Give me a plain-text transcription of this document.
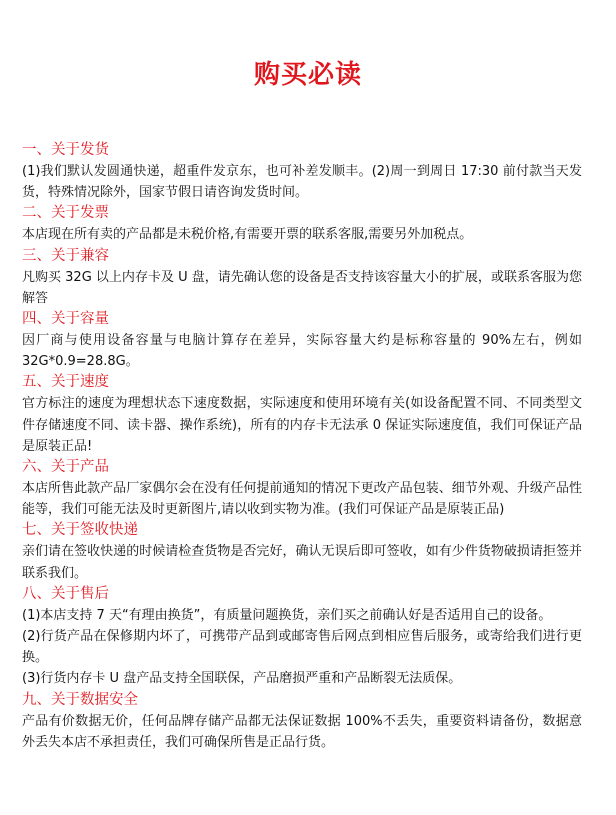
购买必读
一、关于发货
(1)我们默认发圆通快递，超重件发京东，也可补差发顺丰。(2)周一到周日 17:30 前付款当天发货，特殊情况除外，国家节假日请咨询发货时间。
二、关于发票
本店现在所有卖的产品都是未税价格,有需要开票的联系客服,需要另外加税点。
三、关于兼容
凡购买 32G 以上内存卡及 U 盘，请先确认您的设备是否支持该容量大小的扩展，或联系客服为您解答
四、关于容量
因厂商与使用设备容量与电脑计算存在差异，实际容量大约是标称容量的 90%左右，例如 32G*0.9=28.8G。
五、关于速度
官方标注的速度为理想状态下速度数据，实际速度和使用环境有关(如设备配置不同、不同类型文件存储速度不同、读卡器、操作系统)，所有的内存卡无法承 0 保证实际速度值，我们可保证产品是原装正品!
六、关于产品
本店所售此款产品厂家偶尔会在没有任何提前通知的情况下更改产品包装、细节外观、升级产品性能等，我们可能无法及时更新图片,请以收到实物为准。(我们可保证产品是原装正品)
七、关于签收快递
亲们请在签收快递的时候请检查货物是否完好，确认无误后即可签收，如有少件货物破损请拒签并联系我们。
八、关于售后
(1)本店支持 7 天“有理由换货”，有质量问题换货，亲们买之前确认好是否适用自己的设备。
(2)行货产品在保修期内坏了，可携带产品到或邮寄售后网点到相应售后服务，或寄给我们进行更换。
(3)行货内存卡 U 盘产品支持全国联保，产品磨损严重和产品断裂无法质保。
九、关于数据安全
产品有价数据无价，任何品牌存储产品都无法保证数据 100%不丢失，重要资料请备份，数据意外丢失本店不承担责任，我们可确保所售是正品行货。
